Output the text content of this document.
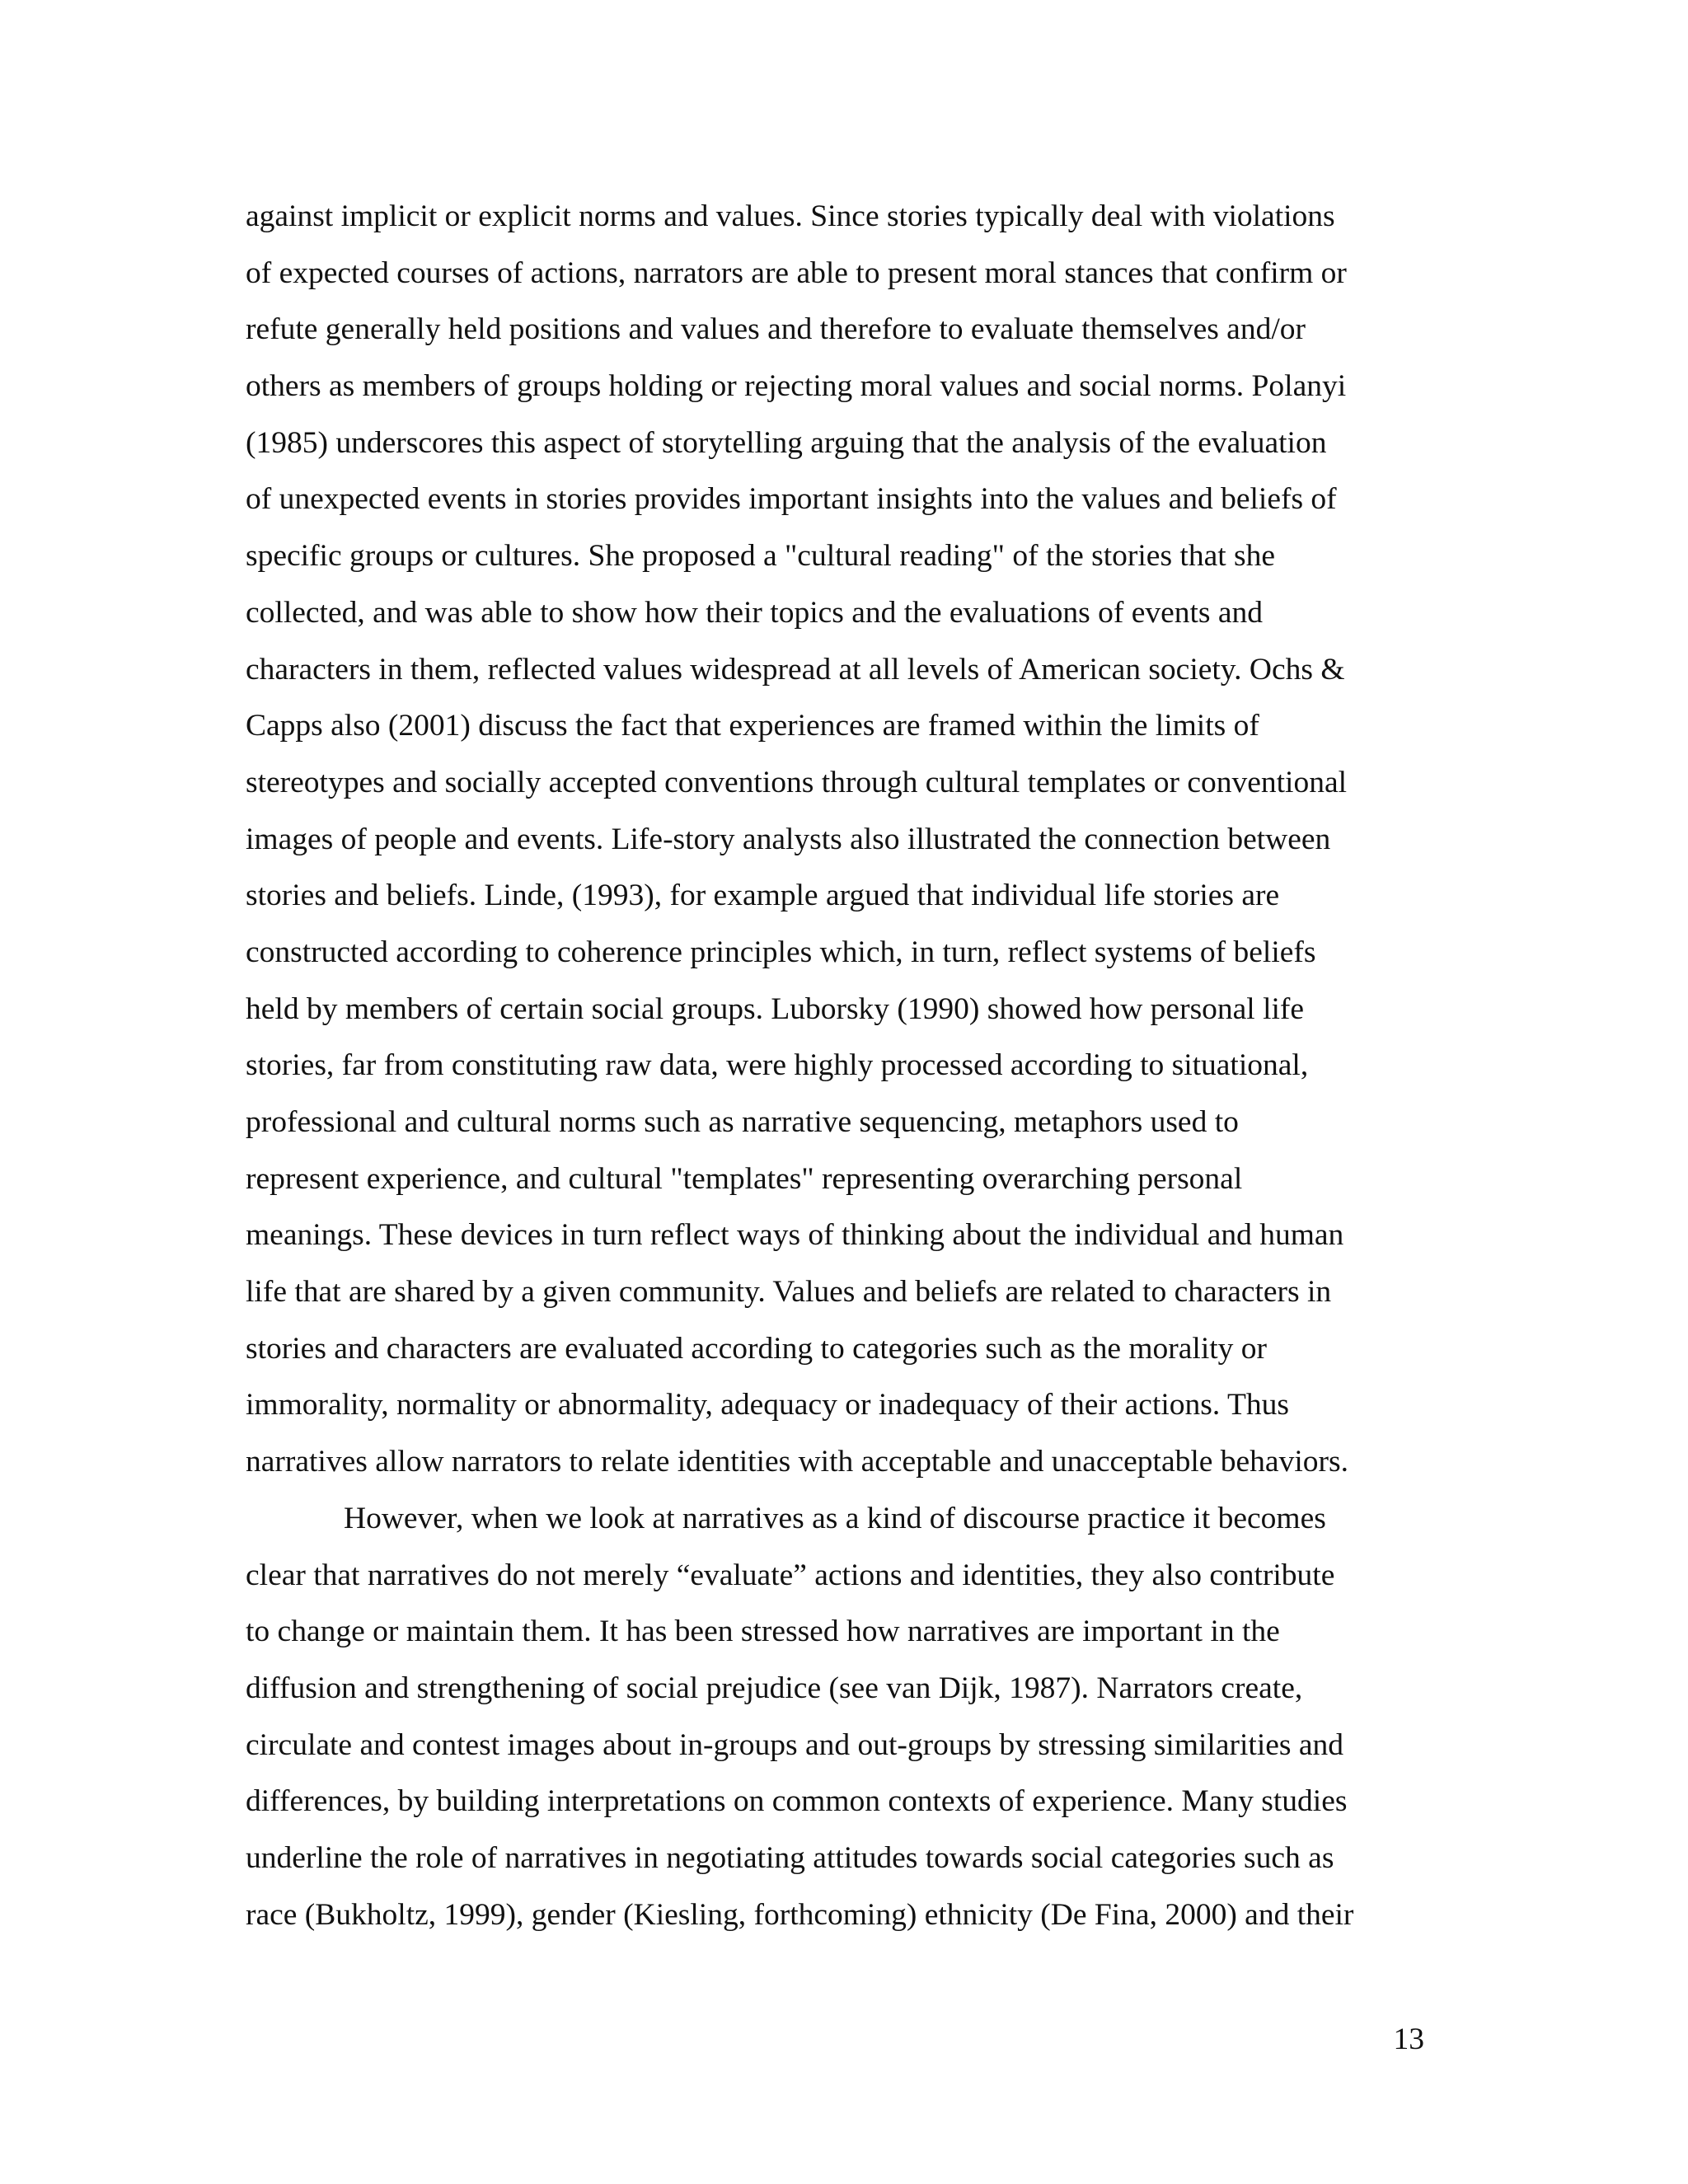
against implicit or explicit norms and values. Since stories typically deal with violations
of expected courses of actions, narrators are able to present moral stances that confirm or
refute generally held positions and values and therefore to evaluate themselves and/or
others as members of groups holding or rejecting moral values and social norms. Polanyi
(1985) underscores this aspect of storytelling arguing that the analysis of the evaluation
of unexpected events in stories provides important insights into the values and beliefs of
specific groups or cultures. She proposed a "cultural reading" of the stories that she
collected, and was able to show how their topics and the evaluations of events and
characters in them, reflected values widespread at all levels of American society. Ochs &
Capps also (2001) discuss the fact that experiences are framed within the limits of
stereotypes and socially accepted conventions through cultural templates or conventional
images of people and events. Life-story analysts also illustrated the connection between
stories and beliefs. Linde, (1993), for example argued that individual life stories are
constructed according to coherence principles which, in turn, reflect systems of beliefs
held by members of certain social groups. Luborsky (1990) showed how personal life
stories, far from constituting raw data, were highly processed according to situational,
professional and cultural norms such as narrative sequencing, metaphors used to
represent experience, and cultural "templates" representing overarching personal
meanings. These devices in turn reflect ways of thinking about the individual and human
life that are shared by a given community. Values and beliefs are related to characters in
stories and characters are evaluated according to categories such as the morality or
immorality, normality or abnormality, adequacy or inadequacy of their actions. Thus
narratives allow narrators to relate identities with acceptable and unacceptable behaviors.
However, when we look at narratives as a kind of discourse practice it becomes
clear that narratives do not merely “evaluate” actions and identities, they also contribute
to change or maintain them. It has been stressed how narratives are important in the
diffusion and strengthening of social prejudice (see van Dijk, 1987). Narrators create,
circulate and contest images about in-groups and out-groups by stressing similarities and
differences, by building interpretations on common contexts of experience. Many studies
underline the role of narratives in negotiating attitudes towards social categories such as
race (Bukholtz, 1999), gender (Kiesling, forthcoming) ethnicity (De Fina, 2000) and their
13
